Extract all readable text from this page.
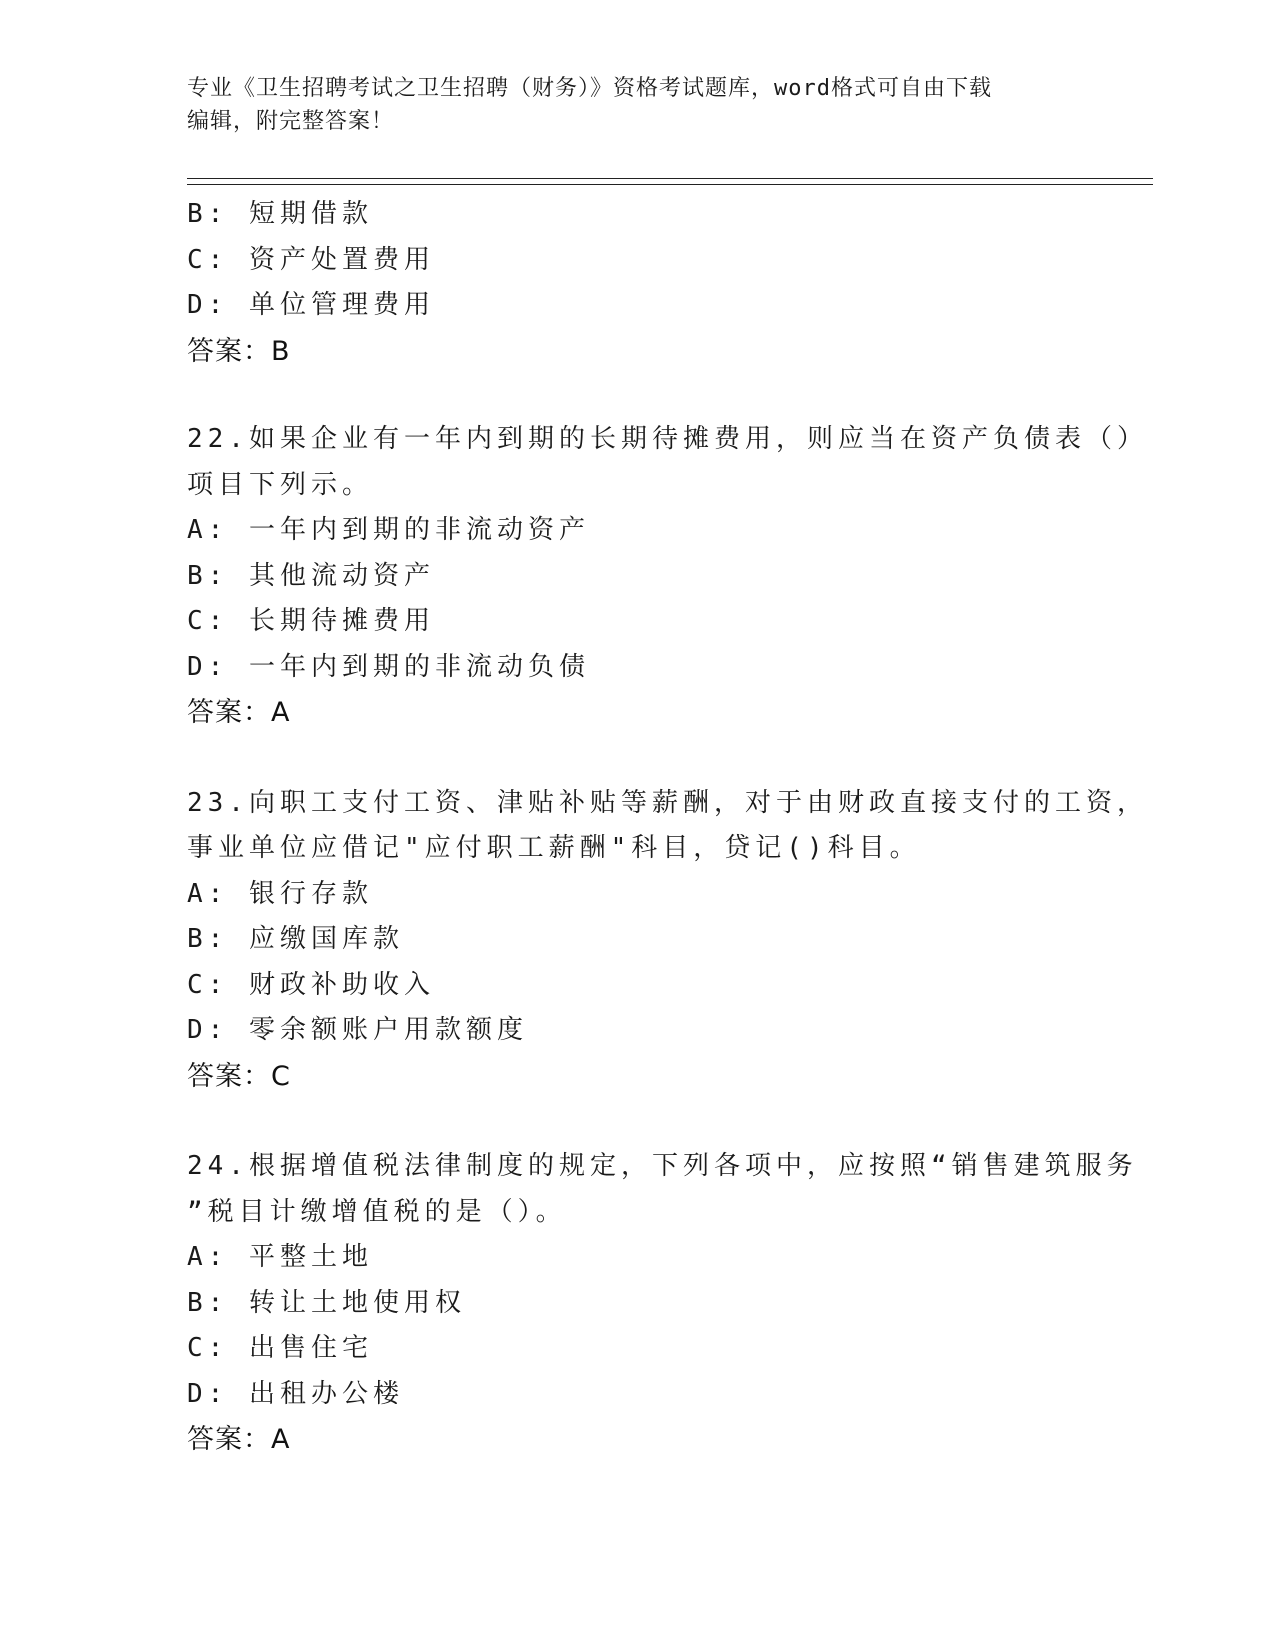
专业《卫生招聘考试之卫生招聘（财务）》资格考试题库，word格式可自由下载
编辑，附完整答案！
B: 短期借款
C: 资产处置费用
D: 单位管理费用
答案：B
22.如果企业有一年内到期的长期待摊费用，则应当在资产负债表（）
项目下列示。
A: 一年内到期的非流动资产
B: 其他流动资产
C: 长期待摊费用
D: 一年内到期的非流动负债
答案：A
23.向职工支付工资、津贴补贴等薪酬，对于由财政直接支付的工资，
事业单位应借记"应付职工薪酬"科目，贷记()科目。
A: 银行存款
B: 应缴国库款
C: 财政补助收入
D: 零余额账户用款额度
答案：C
24.根据增值税法律制度的规定，下列各项中，应按照“销售建筑服务
”税目计缴增值税的是（）。
A: 平整土地
B: 转让土地使用权
C: 出售住宅
D: 出租办公楼
答案：A
